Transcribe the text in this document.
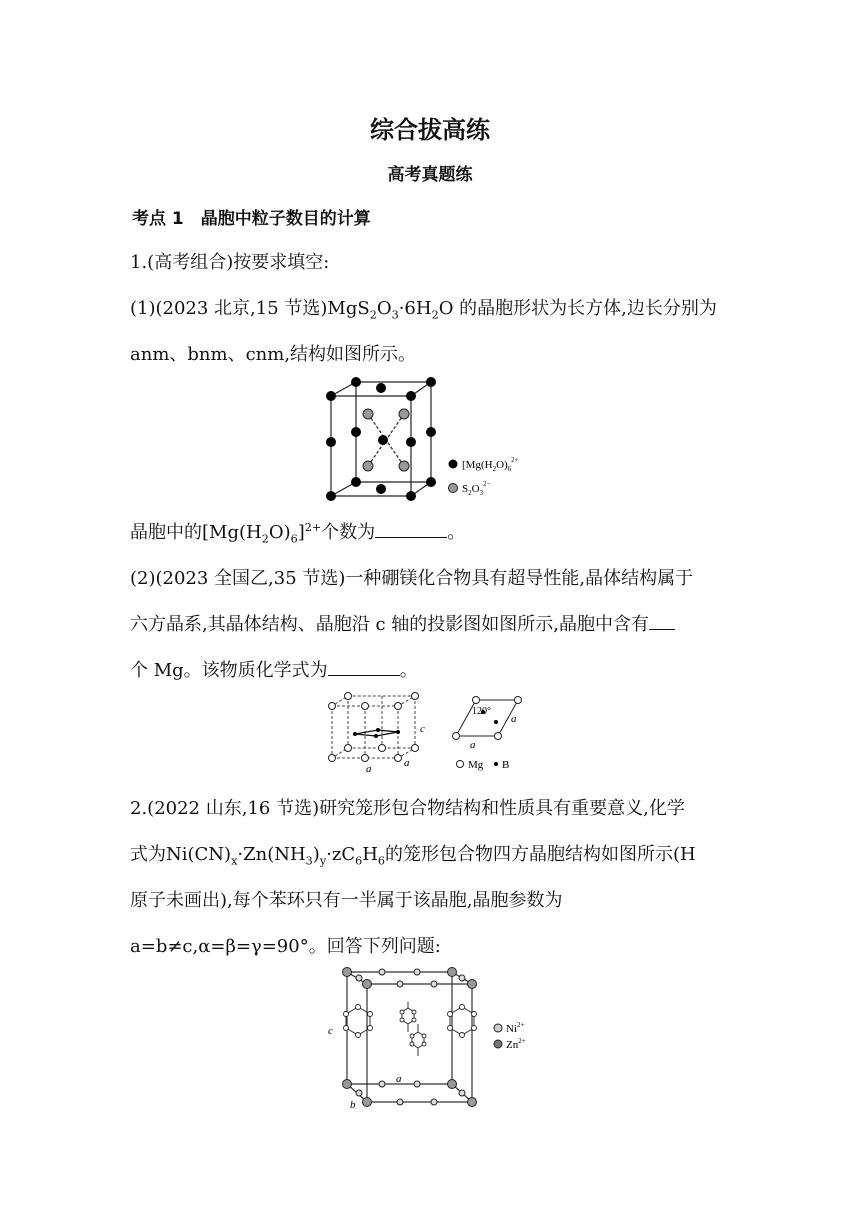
综合拔高练
高考真题练
考点 1　晶胞中粒子数目的计算
1.(高考组合)按要求填空:
(1)(2023 北京,15 节选)$MgS_2O_3\cdot 6H_2O$ 的晶胞形状为长方体,边长分别为
anm、bnm、cnm,结构如图所示。
[$Mg(H_2O)_6^{2+}$
$S_2O_3^{2-}$
晶胞中的$[Mg(H_2O)_6]^{2+}$个数为	。
(2)(2023 全国乙,35 节选)一种硼镁化合物具有超导性能,晶体结构属于
六方晶系,其晶体结构、晶胞沿 c 轴的投影图如图所示,晶胞中含有
个 Mg。该物质化学式为	。
c
a	a
120°
a
a
Mg B
2.(2022 山东,16 节选)研究笼形包合物结构和性质具有重要意义,化学
式为$Ni(CN)_x\cdot Zn(NH_3)_y\cdot zC_6H_6$的笼形包合物四方晶胞结构如图所示(H
原子未画出),每个苯环只有一半属于该晶胞,晶胞参数为
a=b≠c,α=β=γ=90°。回答下列问题:
c
a
b
$Ni^{2+}$
$Zn^{2+}$
